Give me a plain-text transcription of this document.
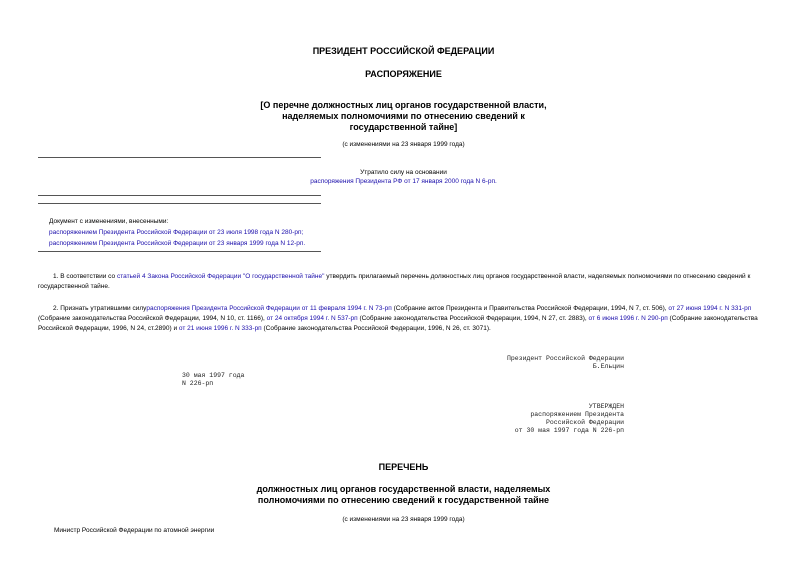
ПРЕЗИДЕНТ РОССИЙСКОЙ ФЕДЕРАЦИИ
РАСПОРЯЖЕНИЕ
[О перечне должностных лиц органов государственной власти,
наделяемых полномочиями по отнесению сведений к
государственной тайне]
(с изменениями на 23 января 1999 года)
Утратило силу на основании
распоряжения Президента РФ от 17 января 2000 года N 6-рп.
Документ с изменениями, внесенными:
распоряжением Президента Российской Федерации от 23 июля 1998 года N 280-рп;
распоряжением Президента Российской Федерации от 23 января 1999 года N 12-рп.
1. В соответствии со статьей 4 Закона Российской Федерации "О государственной тайне" утвердить прилагаемый перечень должностных лиц органов государственной власти, наделяемых полномочиями по отнесению сведений к государственной тайне.
2. Признать утратившими силураспоряжения Президента Российской Федерации от 11 февраля 1994 г. N 73-рп (Собрание актов Президента и Правительства Российской Федерации, 1994, N 7, ст. 506), от 27 июня 1994 г. N 331-рп (Собрание законодательства Российской Федерации, 1994, N 10, ст. 1166), от 24 октября 1994 г. N 537-рп (Собрание законодательства Российской Федерации, 1994, N 27, ст. 2883), от 6 июня 1996 г. N 290-рп (Собрание законодательства Российской Федерации, 1996, N 24, ст.2890) и от 21 июня 1996 г. N 333-рп (Собрание законодательства Российской Федерации, 1996, N 26, ст. 3071).
Президент Российской Федерации
Б.Ельцин
30 мая 1997 года
N 226-рп
УТВЕРЖДЕН
распоряжением Президента
Российской Федерации
от 30 мая 1997 года N 226-рп
ПЕРЕЧЕНЬ
должностных лиц органов государственной власти, наделяемых
полномочиями по отнесению сведений к государственной тайне
(с изменениями на 23 января 1999 года)
Министр Российской Федерации по атомной энергии
